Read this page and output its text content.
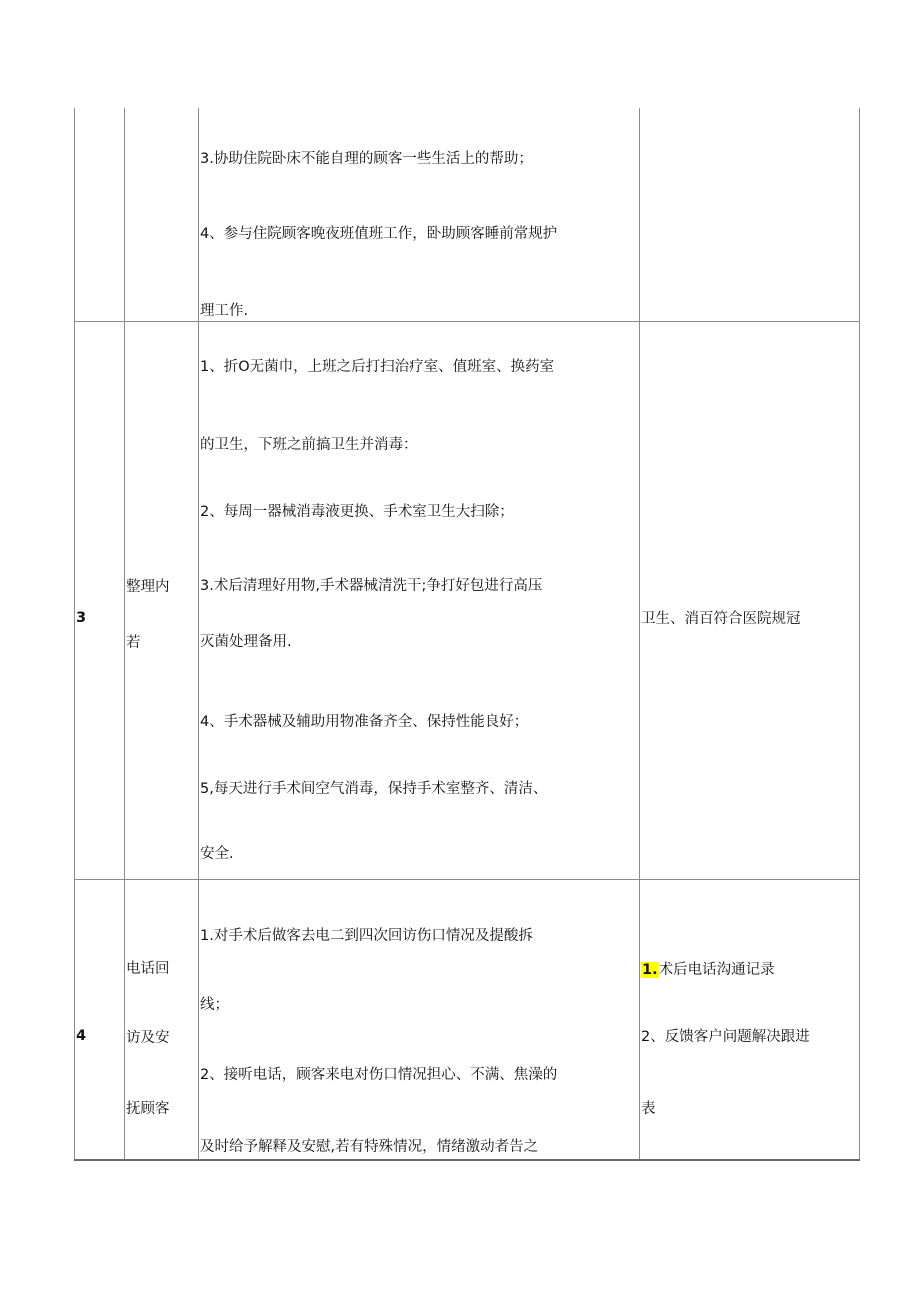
3.协助住院卧床不能自理的顾客一些生活上的帮助；
4、参与住院顾客晚夜班值班工作，卧助顾客睡前常规护
理工作.
3
整理内
若
1、折O无菌巾，上班之后打扫治疗室、值班室、换药室
的卫生，下班之前搞卫生并消毒：
2、每周一器械消毒液更换、手术室卫生大扫除；
3.术后清理好用物,手术器械清洗干;争打好包进行高压
灭菌处理备用.
4、手术器械及辅助用物准备齐全、保持性能良好；
5,每天进行手术间空气消毒，保持手术室整齐、清洁、
安全.
卫生、消百符合医院规冠
4
电话回
访及安
抚顾客
1.对手术后做客去电二到四次回访伤口情况及提酸拆
线；
2、接听电话，顾客来电对伤口情况担心、不满、焦澡的
及时给予解释及安慰,若有特殊情况，情绪激动者告之
1.术后电话沟通记录
2、反馈客户问题解决跟进
表
